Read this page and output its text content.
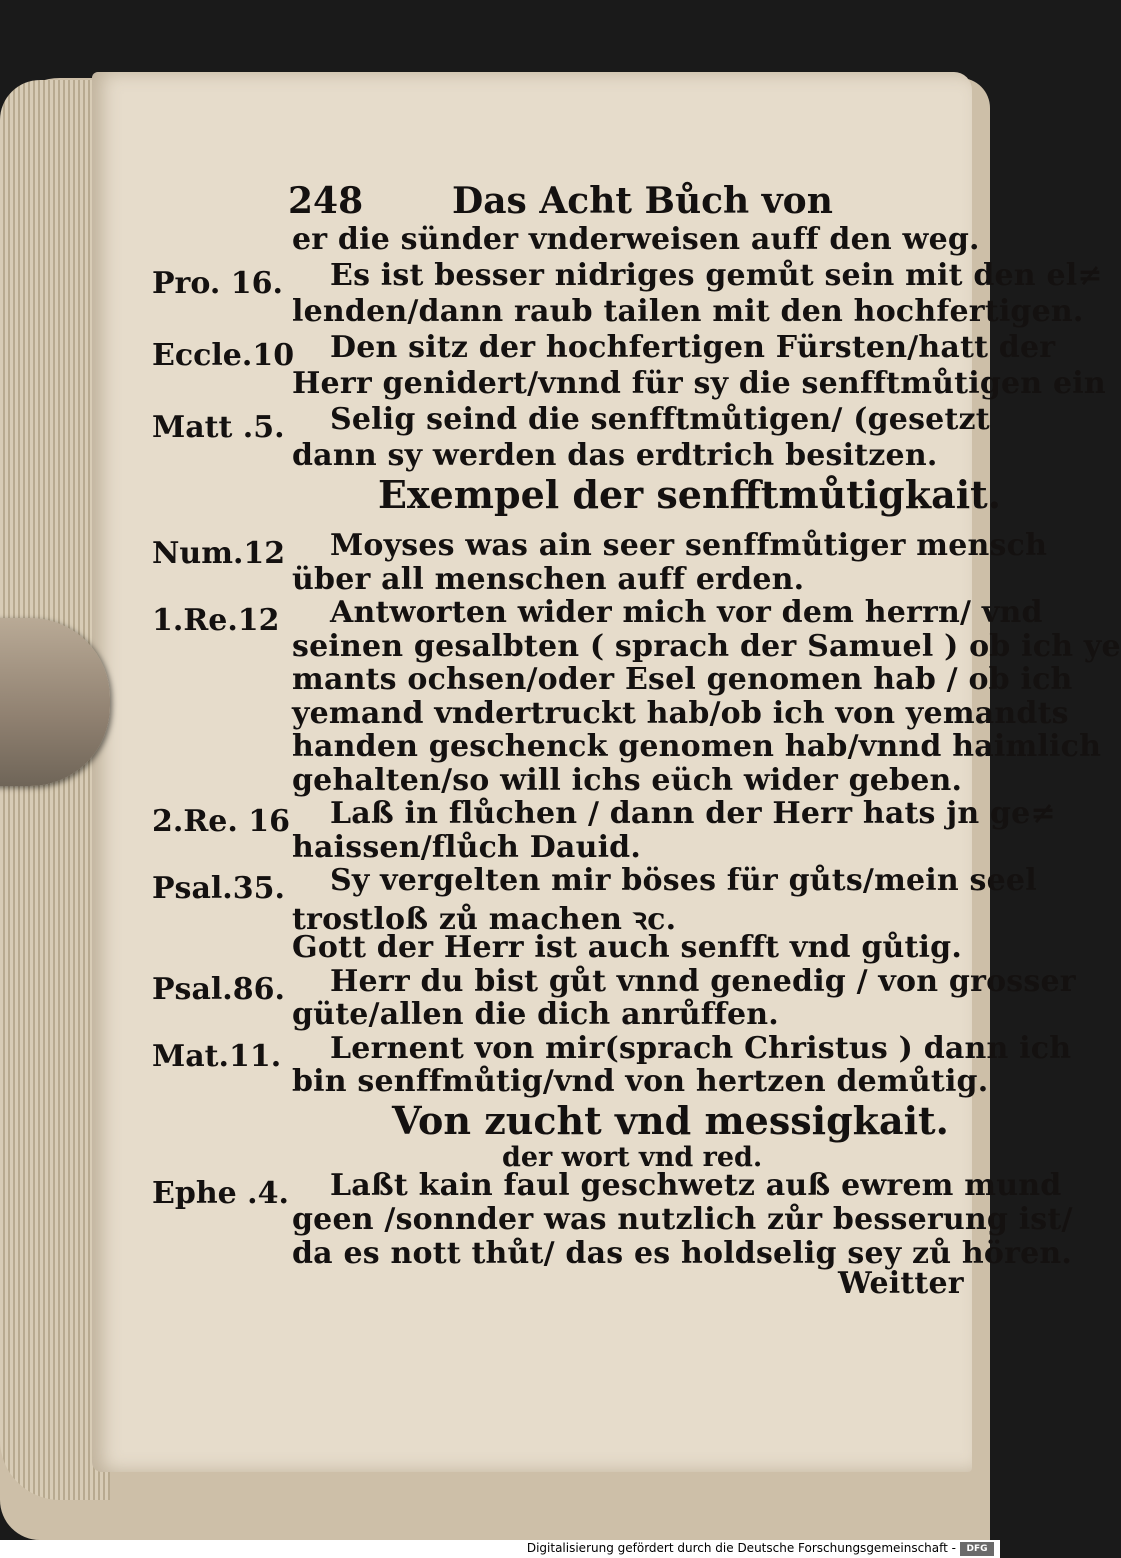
248 Das Acht Bůch von
er die sünder vnderweisen auff den weg.
Pro. 16. Es ist besser nidriges gemůt sein mit den el≠
lenden/dann raub tailen mit den hochfertigen.
Eccle.10 Den sitz der hochfertigen Fürsten/hatt der
Herr genidert/vnnd für sy die senfftmůtigen ein
Matt .5. Selig seind die senfftmůtigen/ (gesetzt
dann sy werden das erdtrich besitzen.
Exempel der senfftmůtigkait.
Num.12 Moyses was ain seer senffmůtiger mensch
über all menschen auff erden.
1.Re.12 Antworten wider mich vor dem herrn/ vnd
seinen gesalbten ( sprach der Samuel ) ob ich ye
mants ochsen/oder Esel genomen hab / ob ich
yemand vndertruckt hab/ob ich von yemandts
handen geschenck genomen hab/vnnd haimlich
gehalten/so will ichs eüch wider geben.
2.Re. 16 Laß in flůchen / dann der Herr hats jn ge≠
haissen/flůch Dauid.
Psal.35. Sy vergelten mir böses für gůts/mein seel
trostloß zů machen ꝛc.
Gott der Herr ist auch senfft vnd gůtig.
Psal.86. Herr du bist gůt vnnd genedig / von grosser
güte/allen die dich anrůffen.
Mat.11. Lernent von mir(sprach Christus ) dann ich
bin senffmůtig/vnd von hertzen demůtig.
Von zucht vnd messigkait.
der wort vnd red.
Ephe .4. Laßt kain faul geschwetz auß ewrem mund
geen /sonnder was nutzlich zůr besserung ist/
da es nott thůt/ das es holdselig sey zů hören.
Weitter
Digitalisierung gefördert durch die Deutsche Forschungsgemeinschaft -	DFG
